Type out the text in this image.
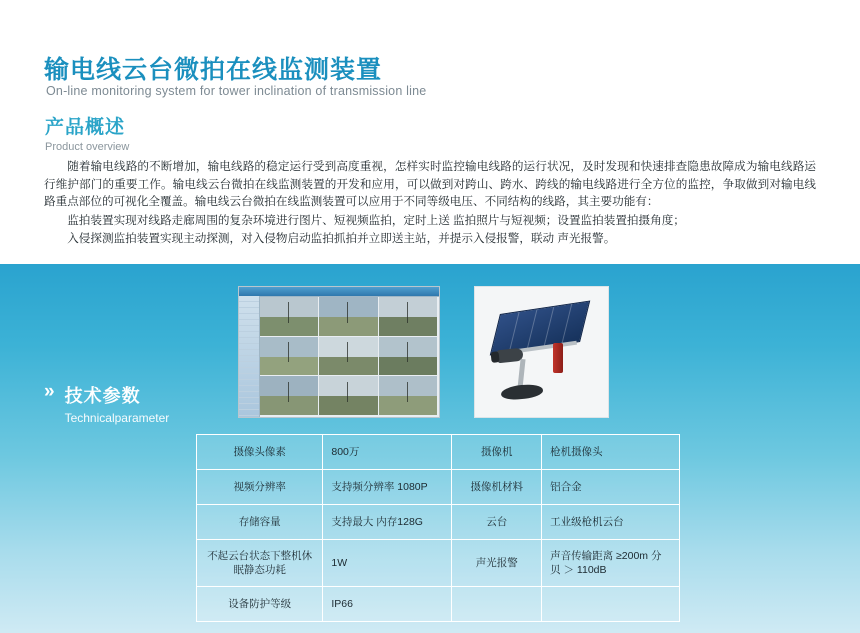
输电线云台微拍在线监测装置
On-line monitoring system for tower inclination of transmission line
产品概述
Product overview

随着输电线路的不断增加，输电线路的稳定运行受到高度重视，怎样实时监控输电线路的运行状况，及时发现和快速排查隐患故障成为输电线路运行维护部门的重要工作。输电线云台微拍在线监测装置的开发和应用，可以做到对跨山、跨水、跨线的输电线路进行全方位的监控，争取做到对输电线路重点部位的可视化全覆盖。输电线云台微拍在线监测装置可以应用于不同等级电压、不同结构的线路，其主要功能有：

监拍装置实现对线路走廊周围的复杂环境进行图片、短视频监拍，定时上送 监拍照片与短视频；设置监拍装置拍摄角度；

入侵探测监拍装置实现主动探测，对入侵物启动监拍抓拍并立即送主站，并提示入侵报警，联动 声光报警。

» 技术参数
Technicalparameter
摄像头像素	800万	摄像机	枪机摄像头
视频分辨率	支持频分辨率 1080P	摄像机材料	铝合金
存储容量	支持最大 内存128G	云台	工业级枪机云台
不起云台状态下整机休眠静态功耗	1W	声光报警	声音传输距离 ≥200m 分贝 ＞ 110dB
设备防护等级	IP66		
